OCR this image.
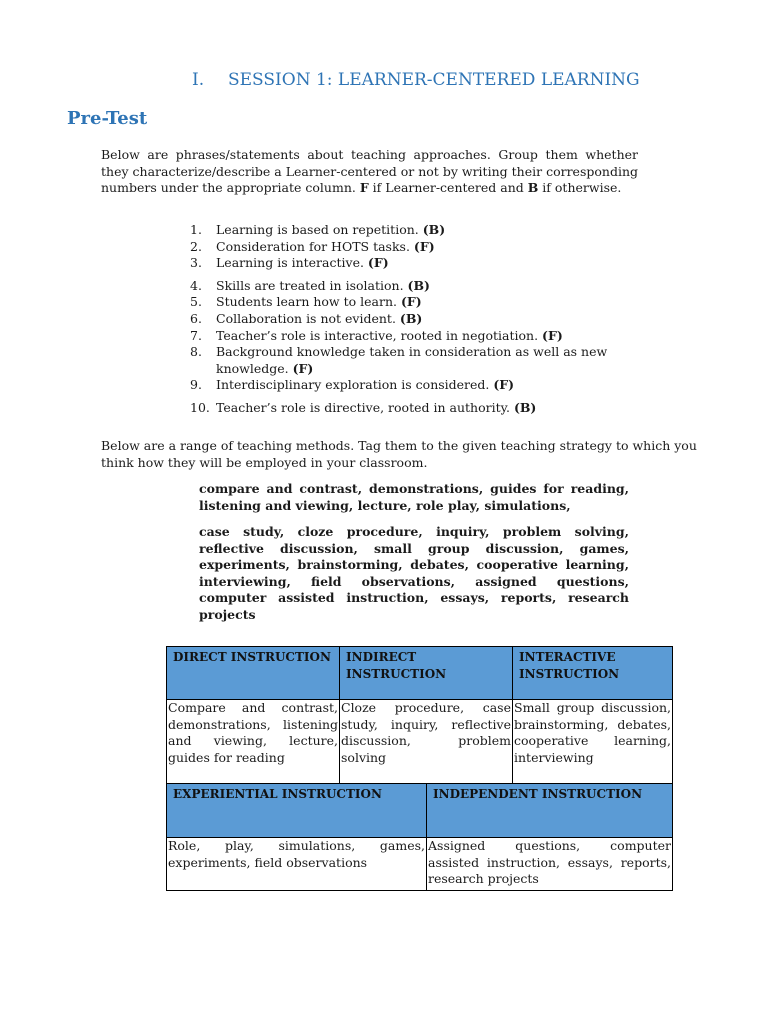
I. SESSION 1: LEARNER-CENTERED LEARNING
Pre-Test
Below are phrases/statements about teaching approaches. Group them whether they characterize/describe a Learner-centered or not by writing their corresponding numbers under the appropriate column. F if Learner-centered and B if otherwise.
1.	Learning is based on repetition. (B)
2.	Consideration for HOTS tasks. (F)
3.	Learning is interactive. (F)
4.	Skills are treated in isolation. (B)
5.	Students learn how to learn. (F)
6.	Collaboration is not evident. (B)
7.	Teacher’s role is interactive, rooted in negotiation. (F)
8.	Background knowledge taken in consideration as well as new knowledge. (F)
9.	Interdisciplinary exploration is considered. (F)
10. Teacher’s role is directive, rooted in authority. (B)
Below are a range of teaching methods. Tag them to the given teaching strategy to which you think how they will be employed in your classroom.
compare and contrast, demonstrations, guides for reading, listening and viewing, lecture, role play, simulations,
case study, cloze procedure, inquiry, problem solving, reflective discussion, small group discussion, games, experiments, brainstorming, debates, cooperative learning, interviewing, field observations, assigned questions, computer assisted instruction, essays, reports, research projects
DIRECT INSTRUCTION	INDIRECT INSTRUCTION	INTERACTIVE INSTRUCTION
Compare and contrast, demonstrations, listening and viewing, lecture, guides for reading	Cloze procedure, case study, inquiry, reflective discussion, problem solving	Small group discussion, brainstorming, debates, cooperative learning, interviewing
EXPERIENTIAL INSTRUCTION	INDEPENDENT INSTRUCTION
Role, play, simulations, games, experiments, field observations	Assigned questions, computer assisted instruction, essays, reports, research projects
